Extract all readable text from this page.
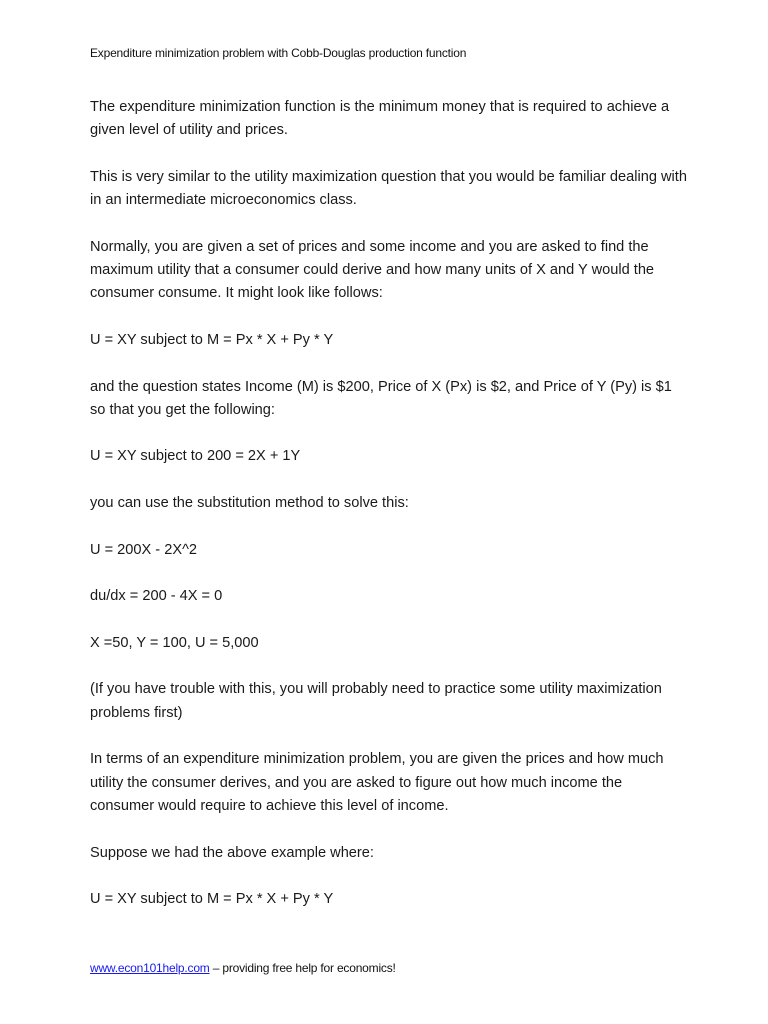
Expenditure minimization problem with Cobb-Douglas production function

The expenditure minimization function is the minimum money that is required to achieve a given level of utility and prices.

This is very similar to the utility maximization question that you would be familiar dealing with in an intermediate microeconomics class.

Normally, you are given a set of prices and some income and you are asked to find the maximum utility that a consumer could derive and how many units of X and Y would the consumer consume. It might look like follows:

U = XY subject to M = Px * X + Py * Y

and the question states Income (M) is $200, Price of X (Px) is $2, and Price of Y (Py) is $1 so that you get the following:

U = XY subject to 200 = 2X + 1Y

you can use the substitution method to solve this:

U = 200X - 2X^2

du/dx = 200 - 4X = 0

X =50, Y = 100, U = 5,000

(If you have trouble with this, you will probably need to practice some utility maximization problems first)

In terms of an expenditure minimization problem, you are given the prices and how much utility the consumer derives, and you are asked to figure out how much income the consumer would require to achieve this level of income.

Suppose we had the above example where:

U = XY subject to M = Px * X + Py * Y

www.econ101help.com – providing free help for economics!
